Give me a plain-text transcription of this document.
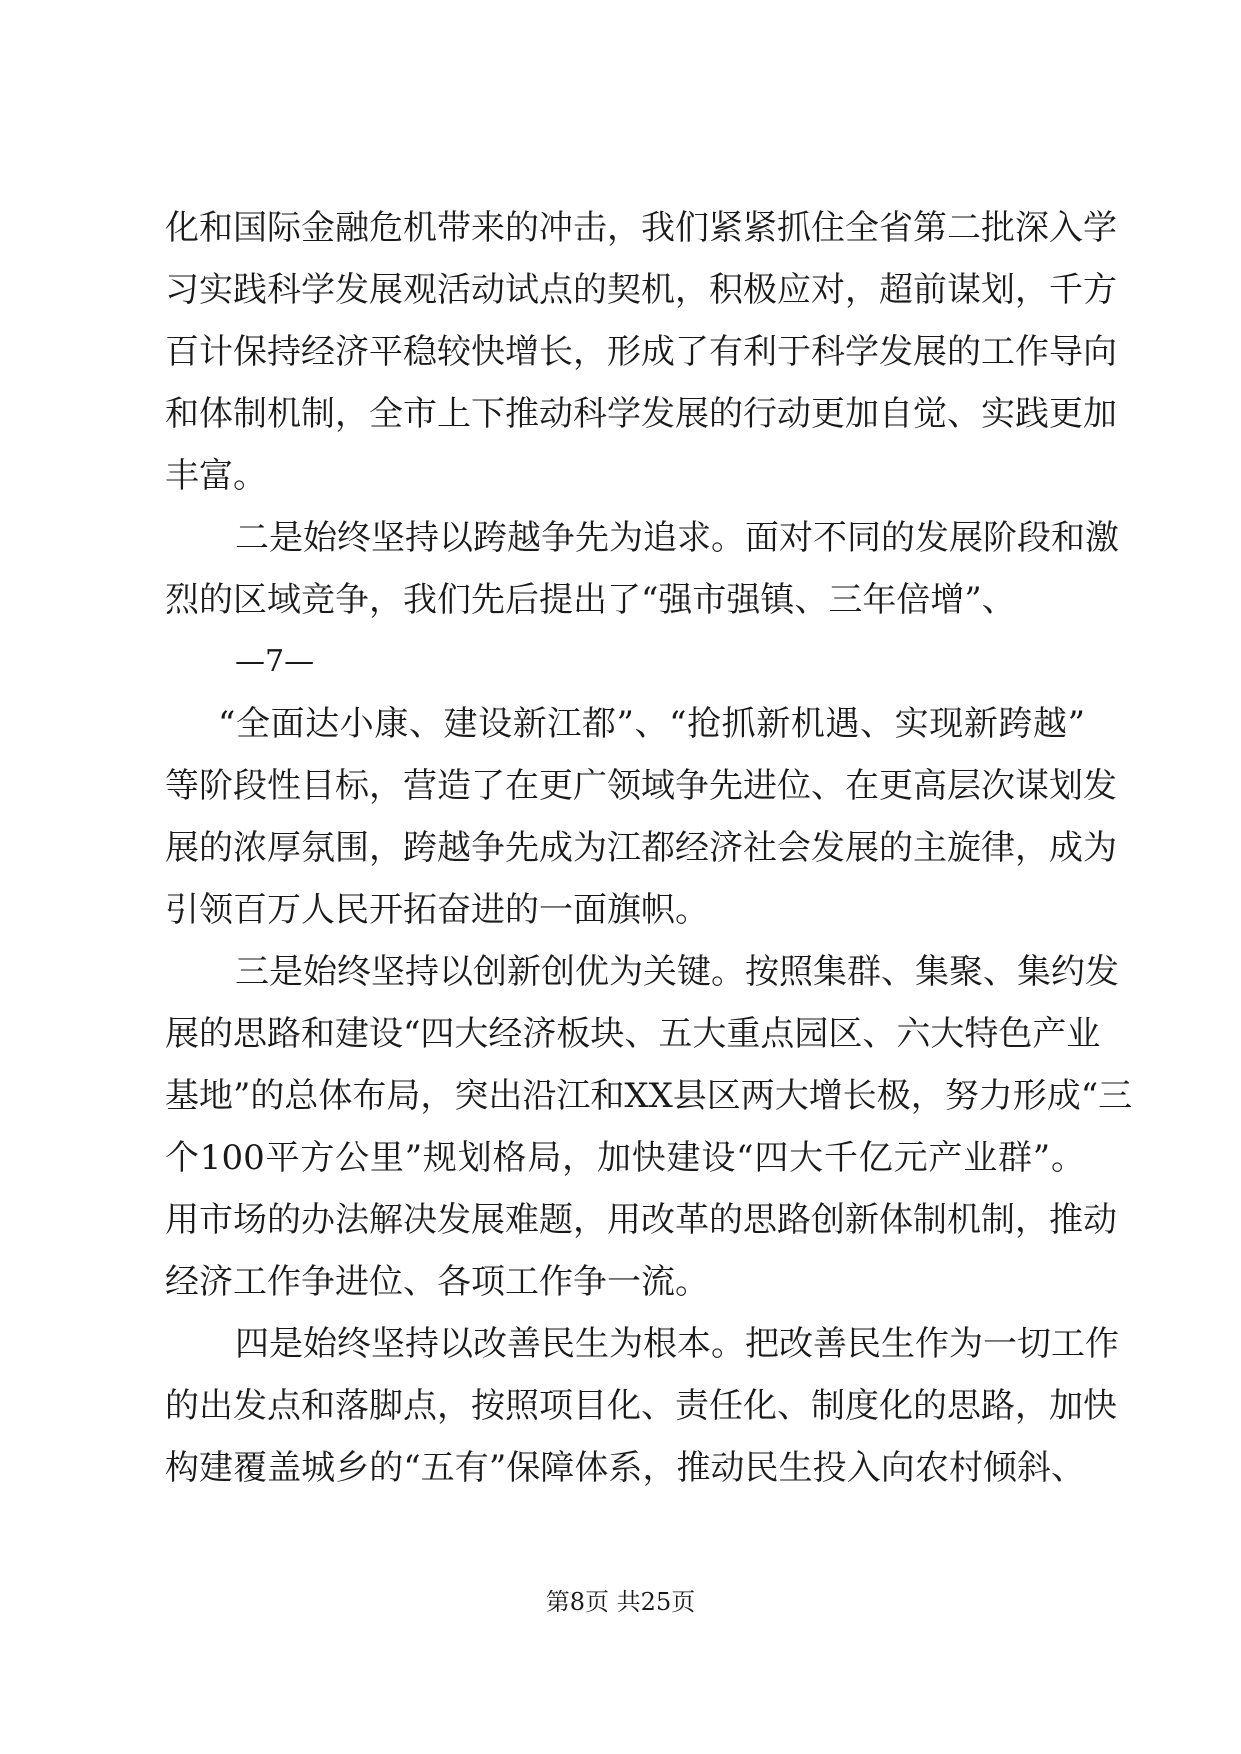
化和国际金融危机带来的冲击，我们紧紧抓住全省第二批深入学
习实践科学发展观活动试点的契机，积极应对，超前谋划，千方
百计保持经济平稳较快增长，形成了有利于科学发展的工作导向
和体制机制，全市上下推动科学发展的行动更加自觉、实践更加
丰富。
二是始终坚持以跨越争先为追求。面对不同的发展阶段和激
烈的区域竞争，我们先后提出了“强市强镇、三年倍增”、
—7—
“全面达小康、建设新江都”、“抢抓新机遇、实现新跨越”
等阶段性目标，营造了在更广领域争先进位、在更高层次谋划发
展的浓厚氛围，跨越争先成为江都经济社会发展的主旋律，成为
引领百万人民开拓奋进的一面旗帜。
三是始终坚持以创新创优为关键。按照集群、集聚、集约发
展的思路和建设“四大经济板块、五大重点园区、六大特色产业
基地”的总体布局，突出沿江和XX县区两大增长极，努力形成“三
个100平方公里”规划格局，加快建设“四大千亿元产业群”。
用市场的办法解决发展难题，用改革的思路创新体制机制，推动
经济工作争进位、各项工作争一流。
四是始终坚持以改善民生为根本。把改善民生作为一切工作
的出发点和落脚点，按照项目化、责任化、制度化的思路，加快
构建覆盖城乡的“五有”保障体系，推动民生投入向农村倾斜、
第8页 共25页
